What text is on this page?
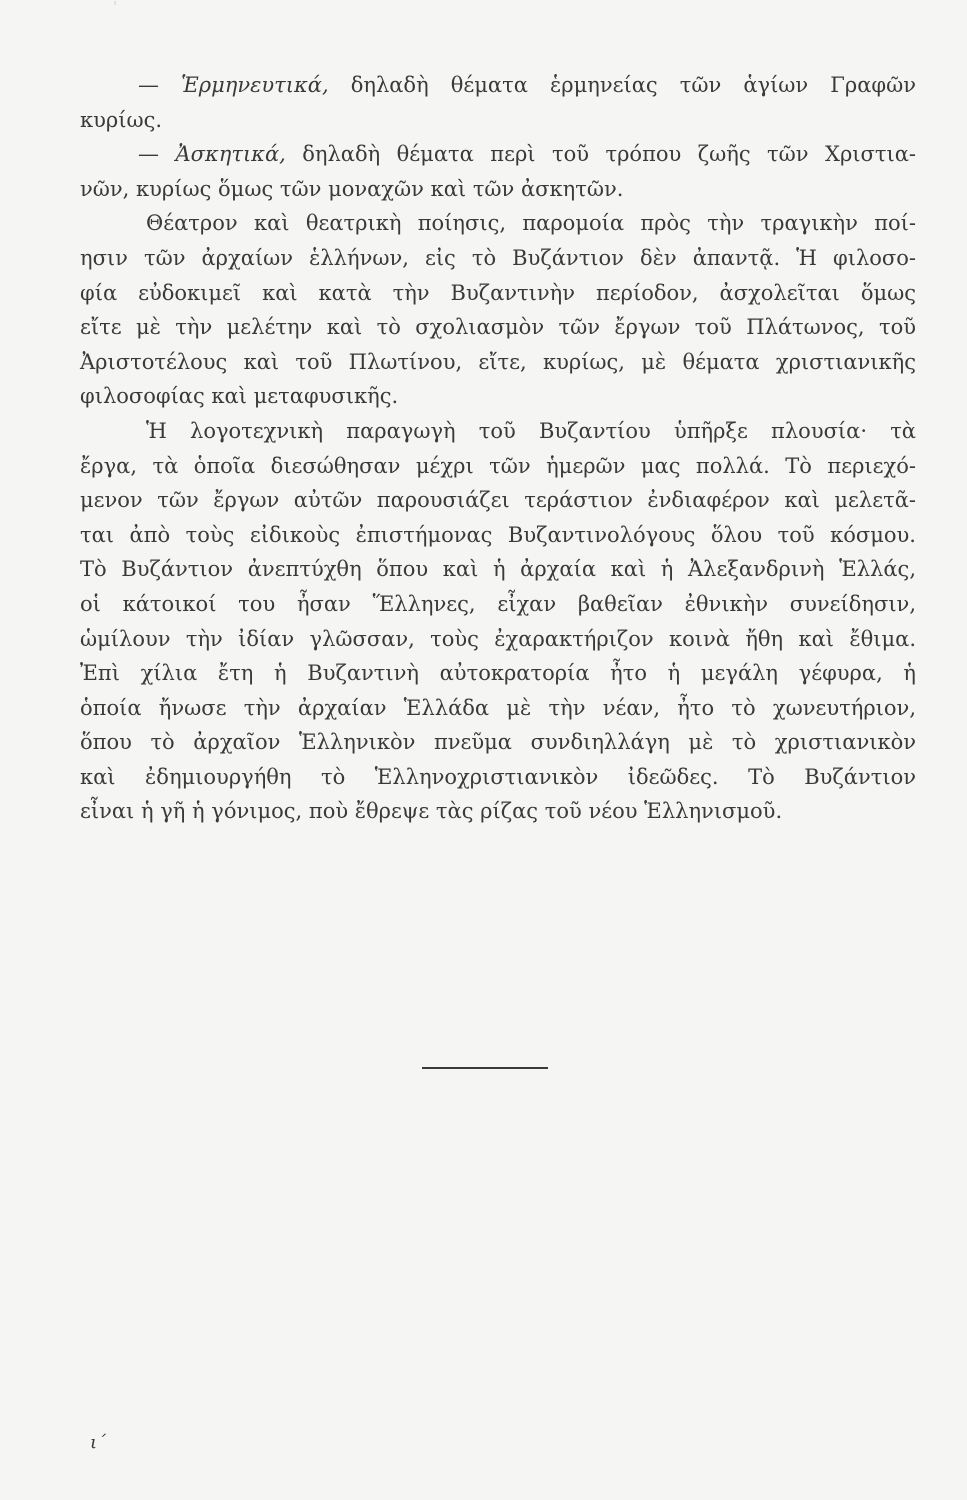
ᶦ
— Ἑρμηνευτικά, δηλαδὴ θέματα ἑρμηνείας τῶν ἁγίων Γραφῶν
κυρίως.
— Ἀσκητικά, δηλαδὴ θέματα περὶ τοῦ τρόπου ζωῆς τῶν Χριστια-
νῶν, κυρίως ὅμως τῶν μοναχῶν καὶ τῶν ἀσκητῶν.
Θέατρον καὶ θεατρικὴ ποίησις, παρομοία πρὸς τὴν τραγικὴν ποί-
ησιν τῶν ἀρχαίων ἑλλήνων, εἰς τὸ Βυζάντιον δὲν ἀπαντᾷ. Ἡ φιλοσο-
φία εὐδοκιμεῖ καὶ κατὰ τὴν Βυζαντινὴν περίοδον, ἀσχολεῖται ὅμως
εἴτε μὲ τὴν μελέτην καὶ τὸ σχολιασμὸν τῶν ἔργων τοῦ Πλάτωνος, τοῦ
Ἀριστοτέλους καὶ τοῦ Πλωτίνου, εἴτε, κυρίως, μὲ θέματα χριστιανικῆς
φιλοσοφίας καὶ μεταφυσικῆς.
Ἡ λογοτεχνικὴ παραγωγὴ τοῦ Βυζαντίου ὑπῆρξε πλουσία· τὰ
ἔργα, τὰ ὁποῖα διεσώθησαν μέχρι τῶν ἡμερῶν μας πολλά. Τὸ περιεχό-
μενον τῶν ἔργων αὐτῶν παρουσιάζει τεράστιον ἐνδιαφέρον καὶ μελετᾶ-
ται ἀπὸ τοὺς εἰδικοὺς ἐπιστήμονας Βυζαντινολόγους ὅλου τοῦ κόσμου.
Τὸ Βυζάντιον ἀνεπτύχθη ὅπου καὶ ἡ ἀρχαία καὶ ἡ Ἀλεξανδρινὴ Ἑλλάς,
οἱ κάτοικοί του ἦσαν Ἕλληνες, εἶχαν βαθεῖαν ἐθνικὴν συνείδησιν,
ὡμίλουν τὴν ἰδίαν γλῶσσαν, τοὺς ἐχαρακτήριζον κοινὰ ἤθη καὶ ἔθιμα.
Ἐπὶ χίλια ἔτη ἡ Βυζαντινὴ αὐτοκρατορία ἦτο ἡ μεγάλη γέφυρα, ἡ
ὁποία ἤνωσε τὴν ἀρχαίαν Ἑλλάδα μὲ τὴν νέαν, ἦτο τὸ χωνευτήριον,
ὅπου τὸ ἀρχαῖον Ἑλληνικὸν πνεῦμα συνδιηλλάγη μὲ τὸ χριστιανικὸν
καὶ ἐδημιουργήθη τὸ Ἑλληνοχριστιανικὸν ἰδεῶδες. Τὸ Βυζάντιον
εἶναι ἡ γῆ ἡ γόνιμος, ποὺ ἔθρεψε τὰς ρίζας τοῦ νέου Ἑλληνισμοῦ.
ι΄
